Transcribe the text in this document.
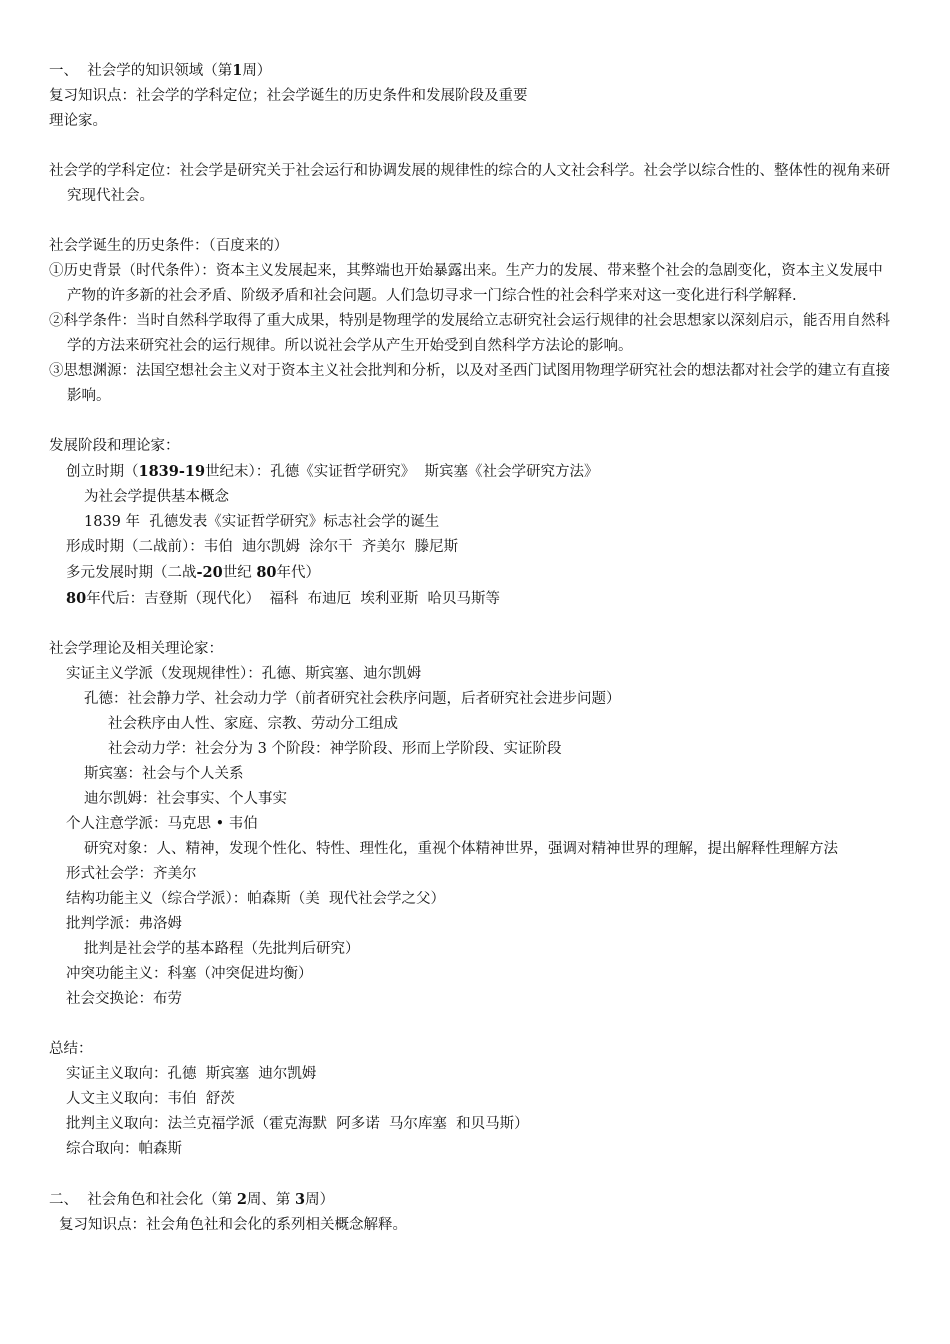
一、  社会学的知识领域（第1周）

复习知识点：社会学的学科定位；社会学诞生的历史条件和发展阶段及重要

理论家。

社会学的学科定位：社会学是研究关于社会运行和协调发展的规律性的综合的人文社会科学。社会学以综合性的、整体性的视角来研究现代社会。

社会学诞生的历史条件：（百度来的）

①历史背景（时代条件）：资本主义发展起来，其弊端也开始暴露出来。生产力的发展、带来整个社会的急剧变化，资本主义发展中产物的许多新的社会矛盾、阶级矛盾和社会问题。人们急切寻求一门综合性的社会科学来对这一变化进行科学解释.

②科学条件：当时自然科学取得了重大成果，特别是物理学的发展给立志研究社会运行规律的社会思想家以深刻启示，能否用自然科学的方法来研究社会的运行规律。所以说社会学从产生开始受到自然科学方法论的影响。

③思想渊源：法国空想社会主义对于资本主义社会批判和分析，以及对圣西门试图用物理学研究社会的想法都对社会学的建立有直接影响。

发展阶段和理论家：

创立时期（1839-19世纪末）：孔德《实证哲学研究》  斯宾塞《社会学研究方法》

为社会学提供基本概念

1839 年  孔德发表《实证哲学研究》标志社会学的诞生

形成时期（二战前）：韦伯  迪尔凯姆  涂尔干  齐美尔  滕尼斯

多元发展时期（二战-20世纪 80年代）

80年代后：吉登斯（现代化）  福科  布迪厄  埃利亚斯  哈贝马斯等

社会学理论及相关理论家：

实证主义学派（发现规律性）：孔德、斯宾塞、迪尔凯姆

孔德：社会静力学、社会动力学（前者研究社会秩序问题，后者研究社会进步问题）

社会秩序由人性、家庭、宗教、劳动分工组成

社会动力学：社会分为 3 个阶段：神学阶段、形而上学阶段、实证阶段

斯宾塞：社会与个人关系

迪尔凯姆：社会事实、个人事实

个人注意学派：马克思 • 韦伯

研究对象：人、精神，发现个性化、特性、理性化，重视个体精神世界，强调对精神世界的理解，提出解释性理解方法

形式社会学：齐美尔

结构功能主义（综合学派）：帕森斯（美  现代社会学之父）

批判学派：弗洛姆

批判是社会学的基本路程（先批判后研究）

冲突功能主义：科塞（冲突促进均衡）

社会交换论：布劳

总结：

实证主义取向：孔德  斯宾塞  迪尔凯姆

人文主义取向：韦伯  舒茨

批判主义取向：法兰克福学派（霍克海默  阿多诺  马尔库塞  和贝马斯）

综合取向：帕森斯

二、  社会角色和社会化（第 2周、第 3周）

复习知识点：社会角色社和会化的系列相关概念解释。
